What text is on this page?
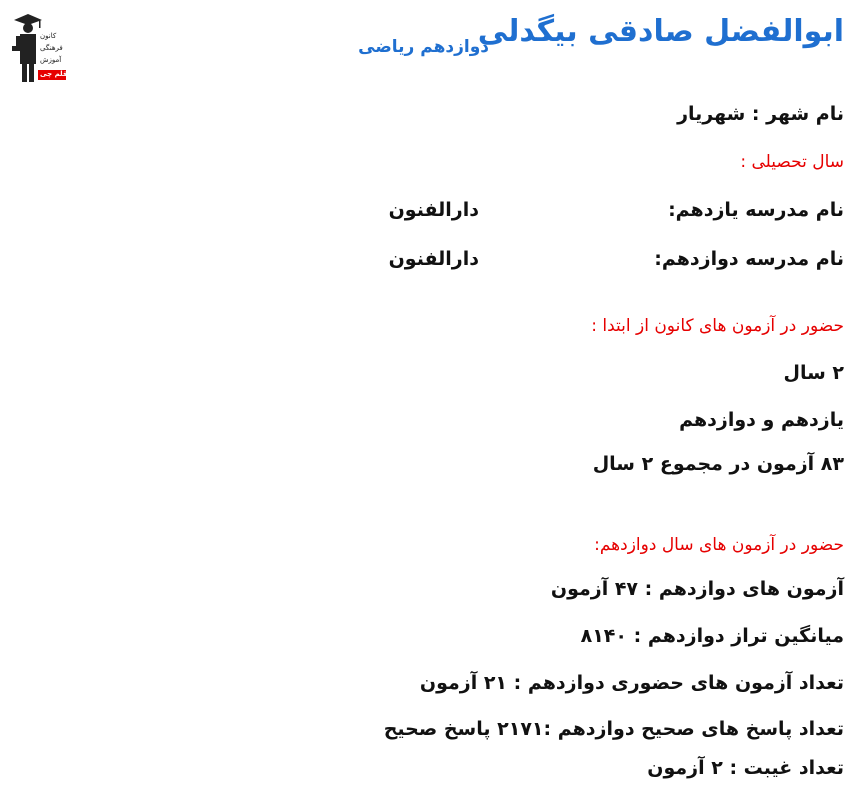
کانون
فرهنگی
آموزش
قلم چی
ابوالفضل صادقی بیگدلی
دوازدهم ریاضی
نام شهر : شهریار
سال تحصیلی :
نام مدرسه یازدهم:
دارالفنون
نام مدرسه دوازدهم:
دارالفنون
حضور در آزمون های کانون از ابتدا :
۲ سال
یازدهم و دوازدهم
۸۳ آزمون در مجموع ۲ سال
حضور در آزمون های سال دوازدهم:
آزمون های دوازدهم : ۴۷ آزمون
میانگین تراز دوازدهم : ۸۱۴۰
تعداد آزمون های حضوری دوازدهم : ۲۱ آزمون
تعداد پاسخ های صحیح دوازدهم :۲۱۷۱ پاسخ صحیح
تعداد غیبت : ۲ آزمون
